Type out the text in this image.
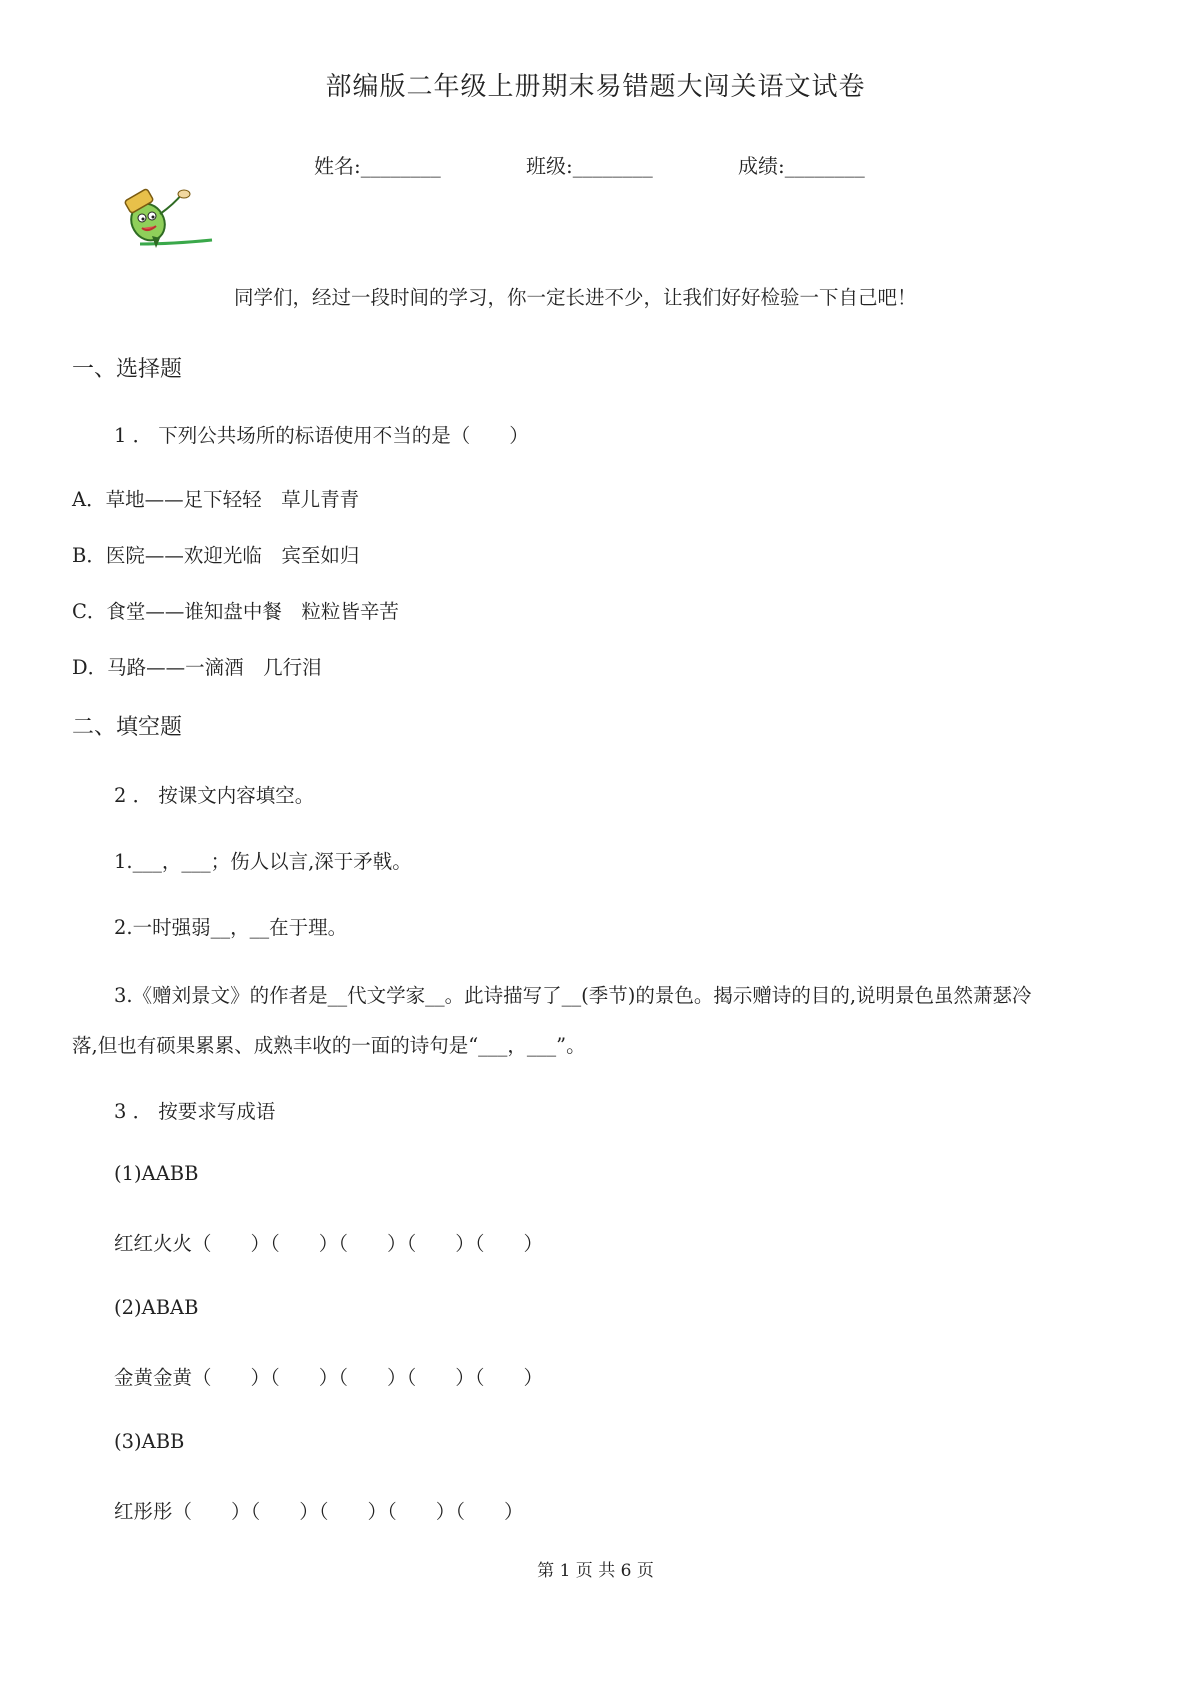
部编版二年级上册期末易错题大闯关语文试卷
姓名:________	班级:________	成绩:________
同学们，经过一段时间的学习，你一定长进不少，让我们好好检验一下自己吧！
一、选择题
1 ． 下列公共场所的标语使用不当的是（　　）
A．草地——足下轻轻　草儿青青
B．医院——欢迎光临　宾至如归
C．食堂——谁知盘中餐　粒粒皆辛苦
D．马路——一滴酒　几行泪
二、填空题
2 ． 按课文内容填空。
1.___，___；伤人以言,深于矛戟。
2.一时强弱__，__在于理。
3.《赠刘景文》的作者是__代文学家__。此诗描写了__(季节)的景色。揭示赠诗的目的,说明景色虽然萧瑟冷
落,但也有硕果累累、成熟丰收的一面的诗句是“___，___”。
3 ． 按要求写成语
(1)AABB
红红火火（　　）（　　）（　　）（　　）（　　）
(2)ABAB
金黄金黄（　　）（　　）（　　）（　　）（　　）
(3)ABB
红彤彤（　　）（　　）（　　）（　　）（　　）
第 1 页 共 6 页
